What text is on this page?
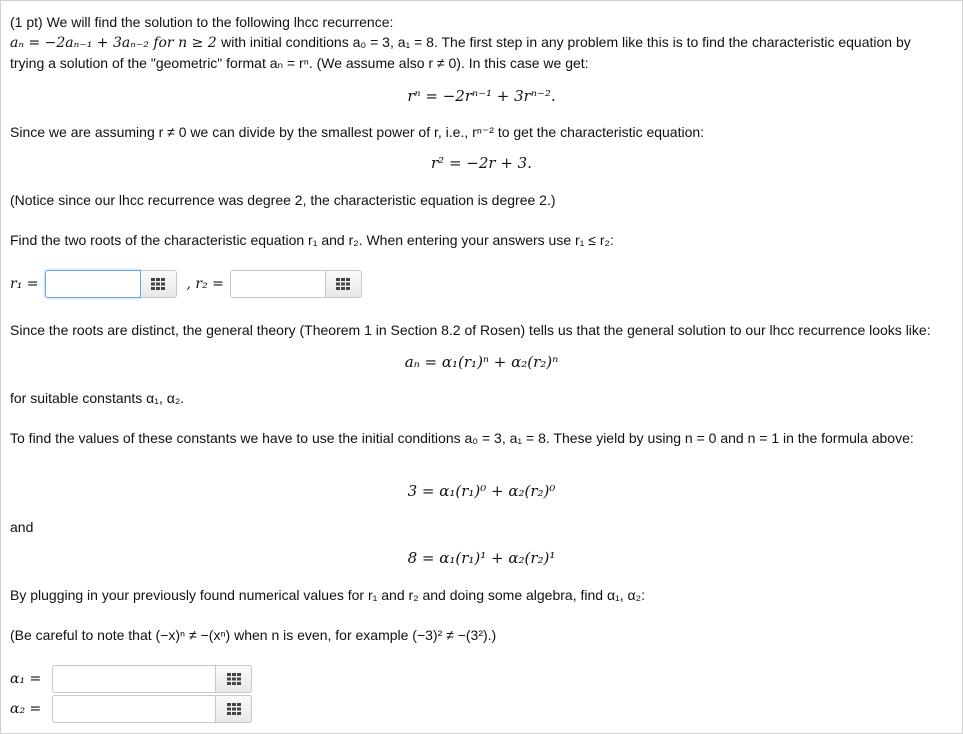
(1 pt) We will find the solution to the following lhcc recurrence:
aₙ = −2aₙ₋₁ + 3aₙ₋₂ for n ≥ 2 with initial conditions a₀ = 3, a₁ = 8. The first step in any problem like this is to find the characteristic equation by trying a solution of the "geometric" format aₙ = rⁿ. (We assume also r ≠ 0). In this case we get:
rⁿ = −2rⁿ⁻¹ + 3rⁿ⁻².
Since we are assuming r ≠ 0 we can divide by the smallest power of r, i.e., rⁿ⁻² to get the characteristic equation:
r² = −2r + 3.
(Notice since our lhcc recurrence was degree 2, the characteristic equation is degree 2.)
Find the two roots of the characteristic equation r₁ and r₂. When entering your answers use r₁ ≤ r₂:
r₁ =	, r₂ =
Since the roots are distinct, the general theory (Theorem 1 in Section 8.2 of Rosen) tells us that the general solution to our lhcc recurrence looks like:
aₙ = α₁(r₁)ⁿ + α₂(r₂)ⁿ
for suitable constants α₁, α₂.
To find the values of these constants we have to use the initial conditions a₀ = 3, a₁ = 8. These yield by using n = 0 and n = 1 in the formula above:
3 = α₁(r₁)⁰ + α₂(r₂)⁰
and
8 = α₁(r₁)¹ + α₂(r₂)¹
By plugging in your previously found numerical values for r₁ and r₂ and doing some algebra, find α₁, α₂:
(Be careful to note that (−x)ⁿ ≠ −(xⁿ) when n is even, for example (−3)² ≠ −(3²).)
α₁ =
α₂ =
